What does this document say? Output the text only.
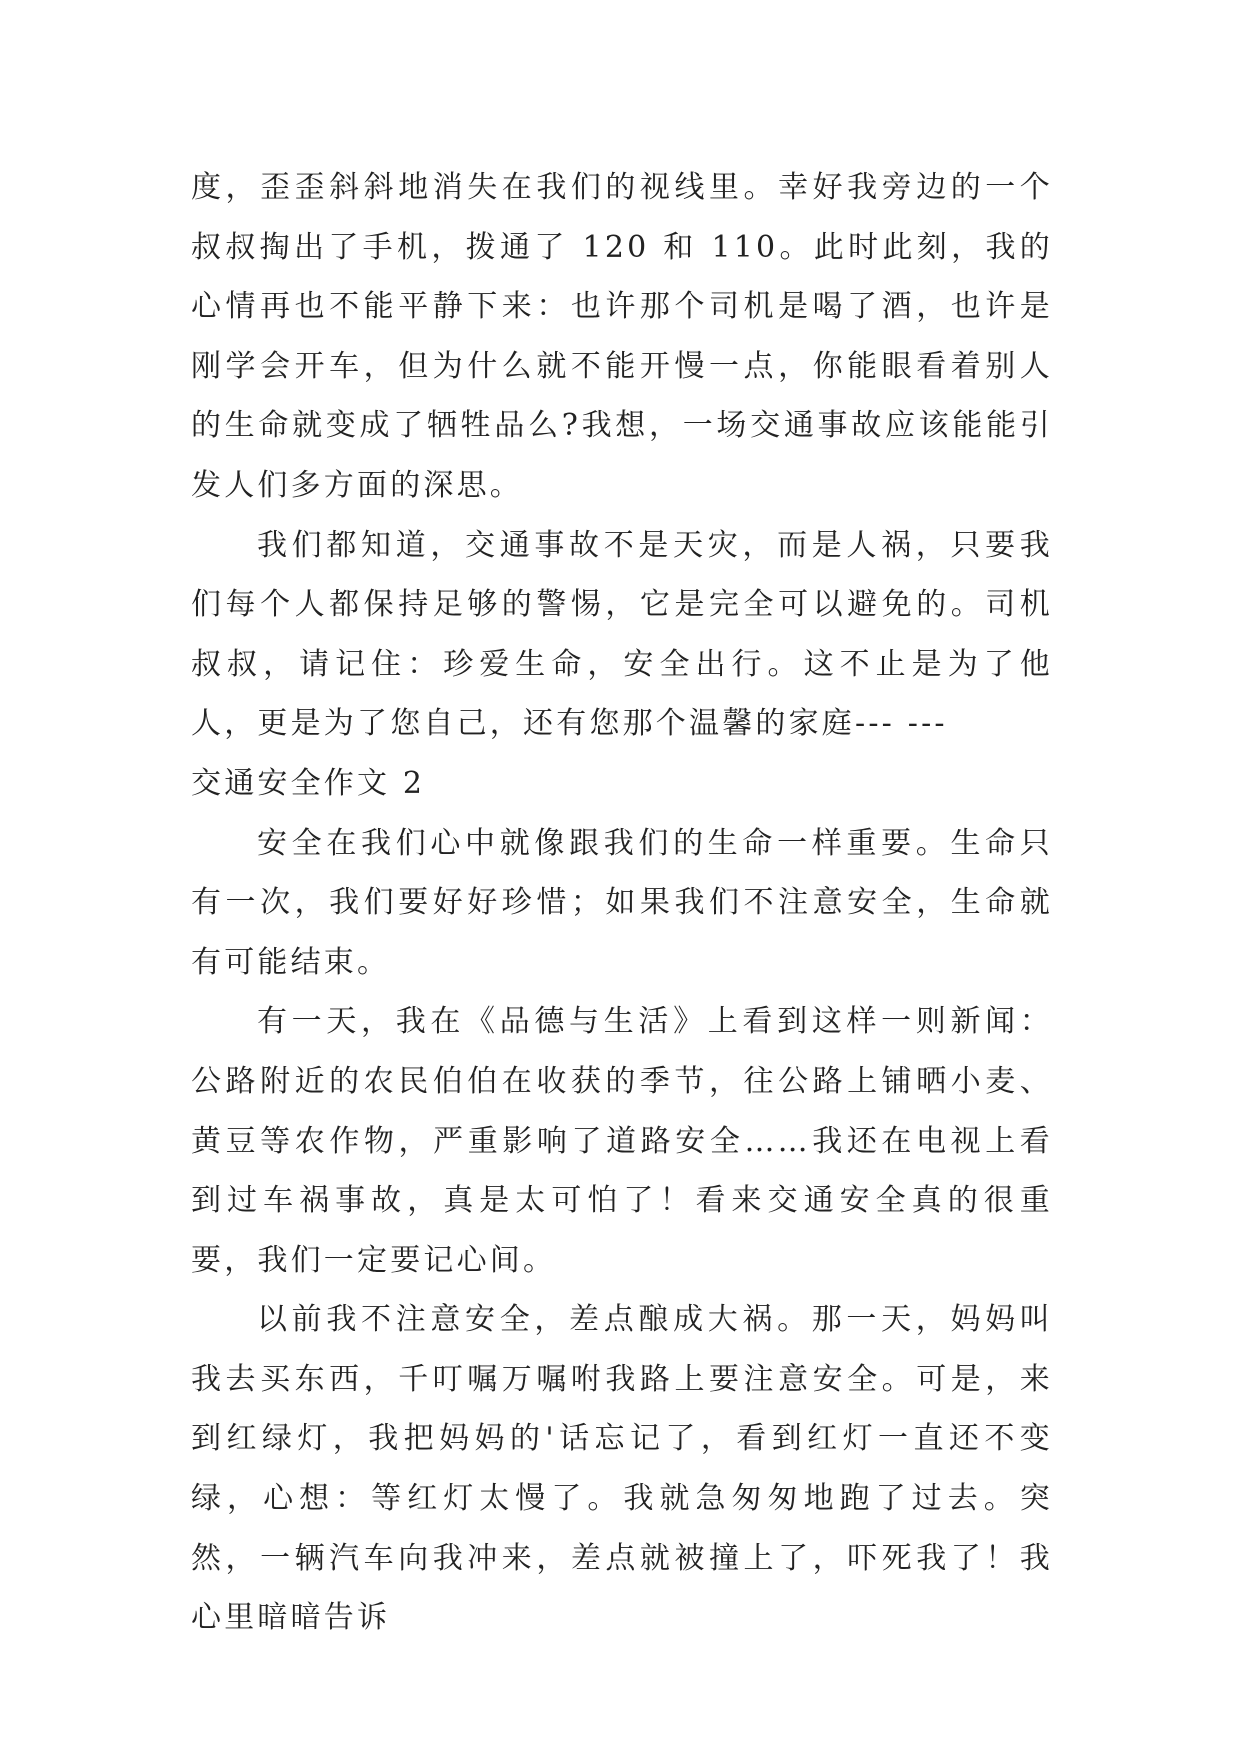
度，歪歪斜斜地消失在我们的视线里。幸好我旁边的一个叔叔掏出了手机，拨通了 120 和 110。此时此刻，我的心情再也不能平静下来：也许那个司机是喝了酒，也许是刚学会开车，但为什么就不能开慢一点，你能眼看着别人的生命就变成了牺牲品么?我想，一场交通事故应该能能引发人们多方面的深思。

我们都知道，交通事故不是天灾，而是人祸，只要我们每个人都保持足够的警惕，它是完全可以避免的。司机叔叔，请记住：珍爱生命，安全出行。这不止是为了他人，更是为了您自己，还有您那个温馨的家庭--- ---

交通安全作文 2

安全在我们心中就像跟我们的生命一样重要。生命只有一次，我们要好好珍惜；如果我们不注意安全，生命就有可能结束。

有一天，我在《品德与生活》上看到这样一则新闻：公路附近的农民伯伯在收获的季节，往公路上铺晒小麦、黄豆等农作物，严重影响了道路安全……我还在电视上看到过车祸事故，真是太可怕了！看来交通安全真的很重要，我们一定要记心间。

以前我不注意安全，差点酿成大祸。那一天，妈妈叫我去买东西，千叮嘱万嘱咐我路上要注意安全。可是，来到红绿灯，我把妈妈的'话忘记了，看到红灯一直还不变绿，心想：等红灯太慢了。我就急匆匆地跑了过去。突然，一辆汽车向我冲来，差点就被撞上了，吓死我了！我心里暗暗告诉
